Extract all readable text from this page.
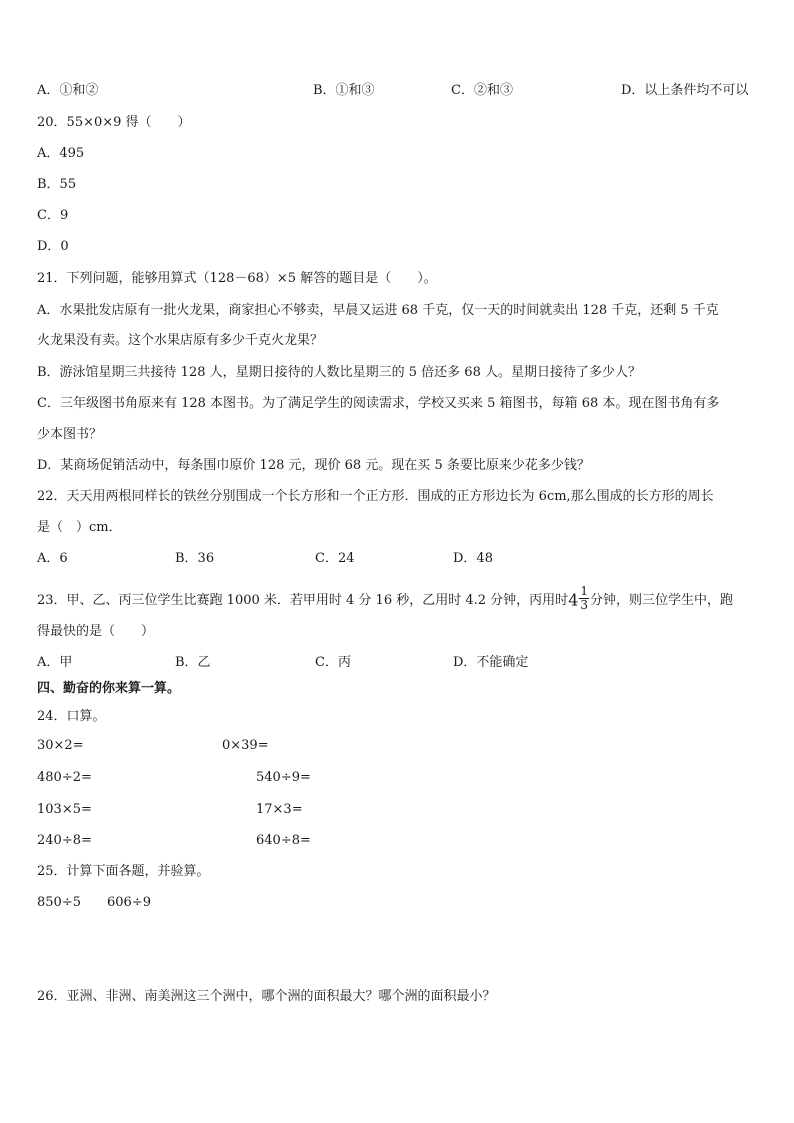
A．①和②	B．①和③	C．②和③	D．以上条件均不可以
20．55×0×9 得（　　）
A．495
B．55
C．9
D．0
21．下列问题，能够用算式（128－68）×5 解答的题目是（　　）。
A．水果批发店原有一批火龙果，商家担心不够卖，早晨又运进 68 千克，仅一天的时间就卖出 128 千克，还剩 5 千克
火龙果没有卖。这个水果店原有多少千克火龙果？
B．游泳馆星期三共接待 128 人，星期日接待的人数比星期三的 5 倍还多 68 人。星期日接待了多少人？
C．三年级图书角原来有 128 本图书。为了满足学生的阅读需求，学校又买来 5 箱图书，每箱 68 本。现在图书角有多
少本图书？
D．某商场促销活动中，每条围巾原价 128 元，现价 68 元。现在买 5 条要比原来少花多少钱？
22．天天用两根同样长的铁丝分别围成一个长方形和一个正方形．围成的正方形边长为 6cm,那么围成的长方形的周长
是（　）cm．
A．6	B．36	C．24	D．48
23．甲、乙、丙三位学生比赛跑 1000 米．若甲用时 4 分 16 秒，乙用时 4.2 分钟，丙用时$4 \frac{1}{3}$ 分钟，则三位学生中，跑
得最快的是（　　）
A．甲	B．乙	C．丙	D．不能确定
四、勤奋的你来算一算。
24．口算。
30×2=	0×39=
480÷2=	540÷9=
103×5=	17×3=
240÷8=	640÷8=
25．计算下面各题，并验算。
850÷5 606÷9
26．亚洲、非洲、南美洲这三个洲中，哪个洲的面积最大？哪个洲的面积最小？
